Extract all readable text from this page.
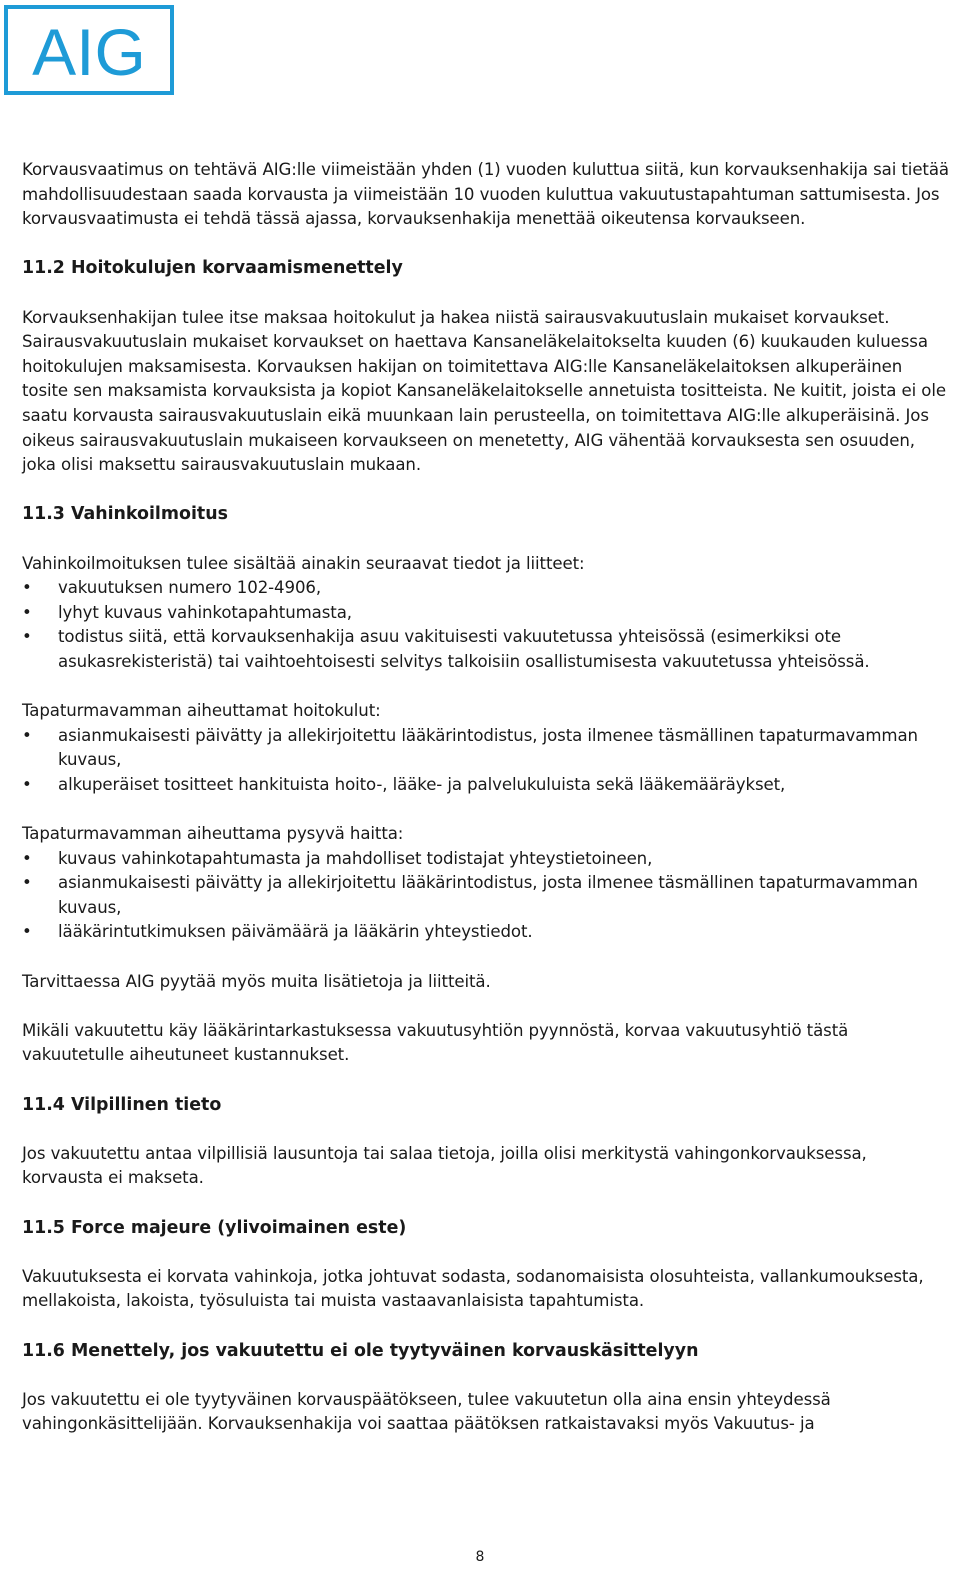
AIG

Korvausvaatimus on tehtävä AIG:lle viimeistään yhden (1) vuoden kuluttua siitä, kun korvauksenhakija sai tietää mahdollisuudestaan saada korvausta ja viimeistään 10 vuoden kuluttua vakuutustapahtuman sattumisesta. Jos korvausvaatimusta ei tehdä tässä ajassa, korvauksenhakija menettää oikeutensa korvaukseen.

11.2 Hoitokulujen korvaamismenettely

Korvauksenhakijan tulee itse maksaa hoitokulut ja hakea niistä sairausvakuutuslain mukaiset korvaukset. Sairausvakuutuslain mukaiset korvaukset on haettava Kansaneläkelaitokselta kuuden (6) kuukauden kuluessa hoitokulujen maksamisesta. Korvauksen hakijan on toimitettava AIG:lle Kansaneläkelaitoksen alkuperäinen tosite sen maksamista korvauksista ja kopiot Kansaneläkelaitokselle annetuista tositteista. Ne kuitit, joista ei ole saatu korvausta sairausvakuutuslain eikä muunkaan lain perusteella, on toimitettava AIG:lle alkuperäisinä. Jos oikeus sairausvakuutuslain mukaiseen korvaukseen on menetetty, AIG vähentää korvauksesta sen osuuden, joka olisi maksettu sairausvakuutuslain mukaan.

11.3 Vahinkoilmoitus

Vahinkoilmoituksen tulee sisältää ainakin seuraavat tiedot ja liitteet:

• vakuutuksen numero 102-4906,
• lyhyt kuvaus vahinkotapahtumasta,
• todistus siitä, että korvauksenhakija asuu vakituisesti vakuutetussa yhteisössä (esimerkiksi ote asukasrekisteristä) tai vaihtoehtoisesti selvitys talkoisiin osallistumisesta vakuutetussa yhteisössä.

Tapaturmavamman aiheuttamat hoitokulut:

• asianmukaisesti päivätty ja allekirjoitettu lääkärintodistus, josta ilmenee täsmällinen tapaturmavamman kuvaus,
• alkuperäiset tositteet hankituista hoito-, lääke- ja palvelukuluista sekä lääkemääräykset,

Tapaturmavamman aiheuttama pysyvä haitta:

• kuvaus vahinkotapahtumasta ja mahdolliset todistajat yhteystietoineen,
• asianmukaisesti päivätty ja allekirjoitettu lääkärintodistus, josta ilmenee täsmällinen tapaturmavamman kuvaus,
• lääkärintutkimuksen päivämäärä ja lääkärin yhteystiedot.

Tarvittaessa AIG pyytää myös muita lisätietoja ja liitteitä.

Mikäli vakuutettu käy lääkärintarkastuksessa vakuutusyhtiön pyynnöstä, korvaa vakuutusyhtiö tästä vakuutetulle aiheutuneet kustannukset.

11.4 Vilpillinen tieto

Jos vakuutettu antaa vilpillisiä lausuntoja tai salaa tietoja, joilla olisi merkitystä vahingonkorvauksessa, korvausta ei makseta.

11.5 Force majeure (ylivoimainen este)

Vakuutuksesta ei korvata vahinkoja, jotka johtuvat sodasta, sodanomaisista olosuhteista, vallankumouksesta, mellakoista, lakoista, työsuluista tai muista vastaavanlaisista tapahtumista.

11.6 Menettely, jos vakuutettu ei ole tyytyväinen korvauskäsittelyyn

Jos vakuutettu ei ole tyytyväinen korvauspäätökseen, tulee vakuutetun olla aina ensin yhteydessä vahingonkäsittelijään. Korvauksenhakija voi saattaa päätöksen ratkaistavaksi myös Vakuutus- ja

8
